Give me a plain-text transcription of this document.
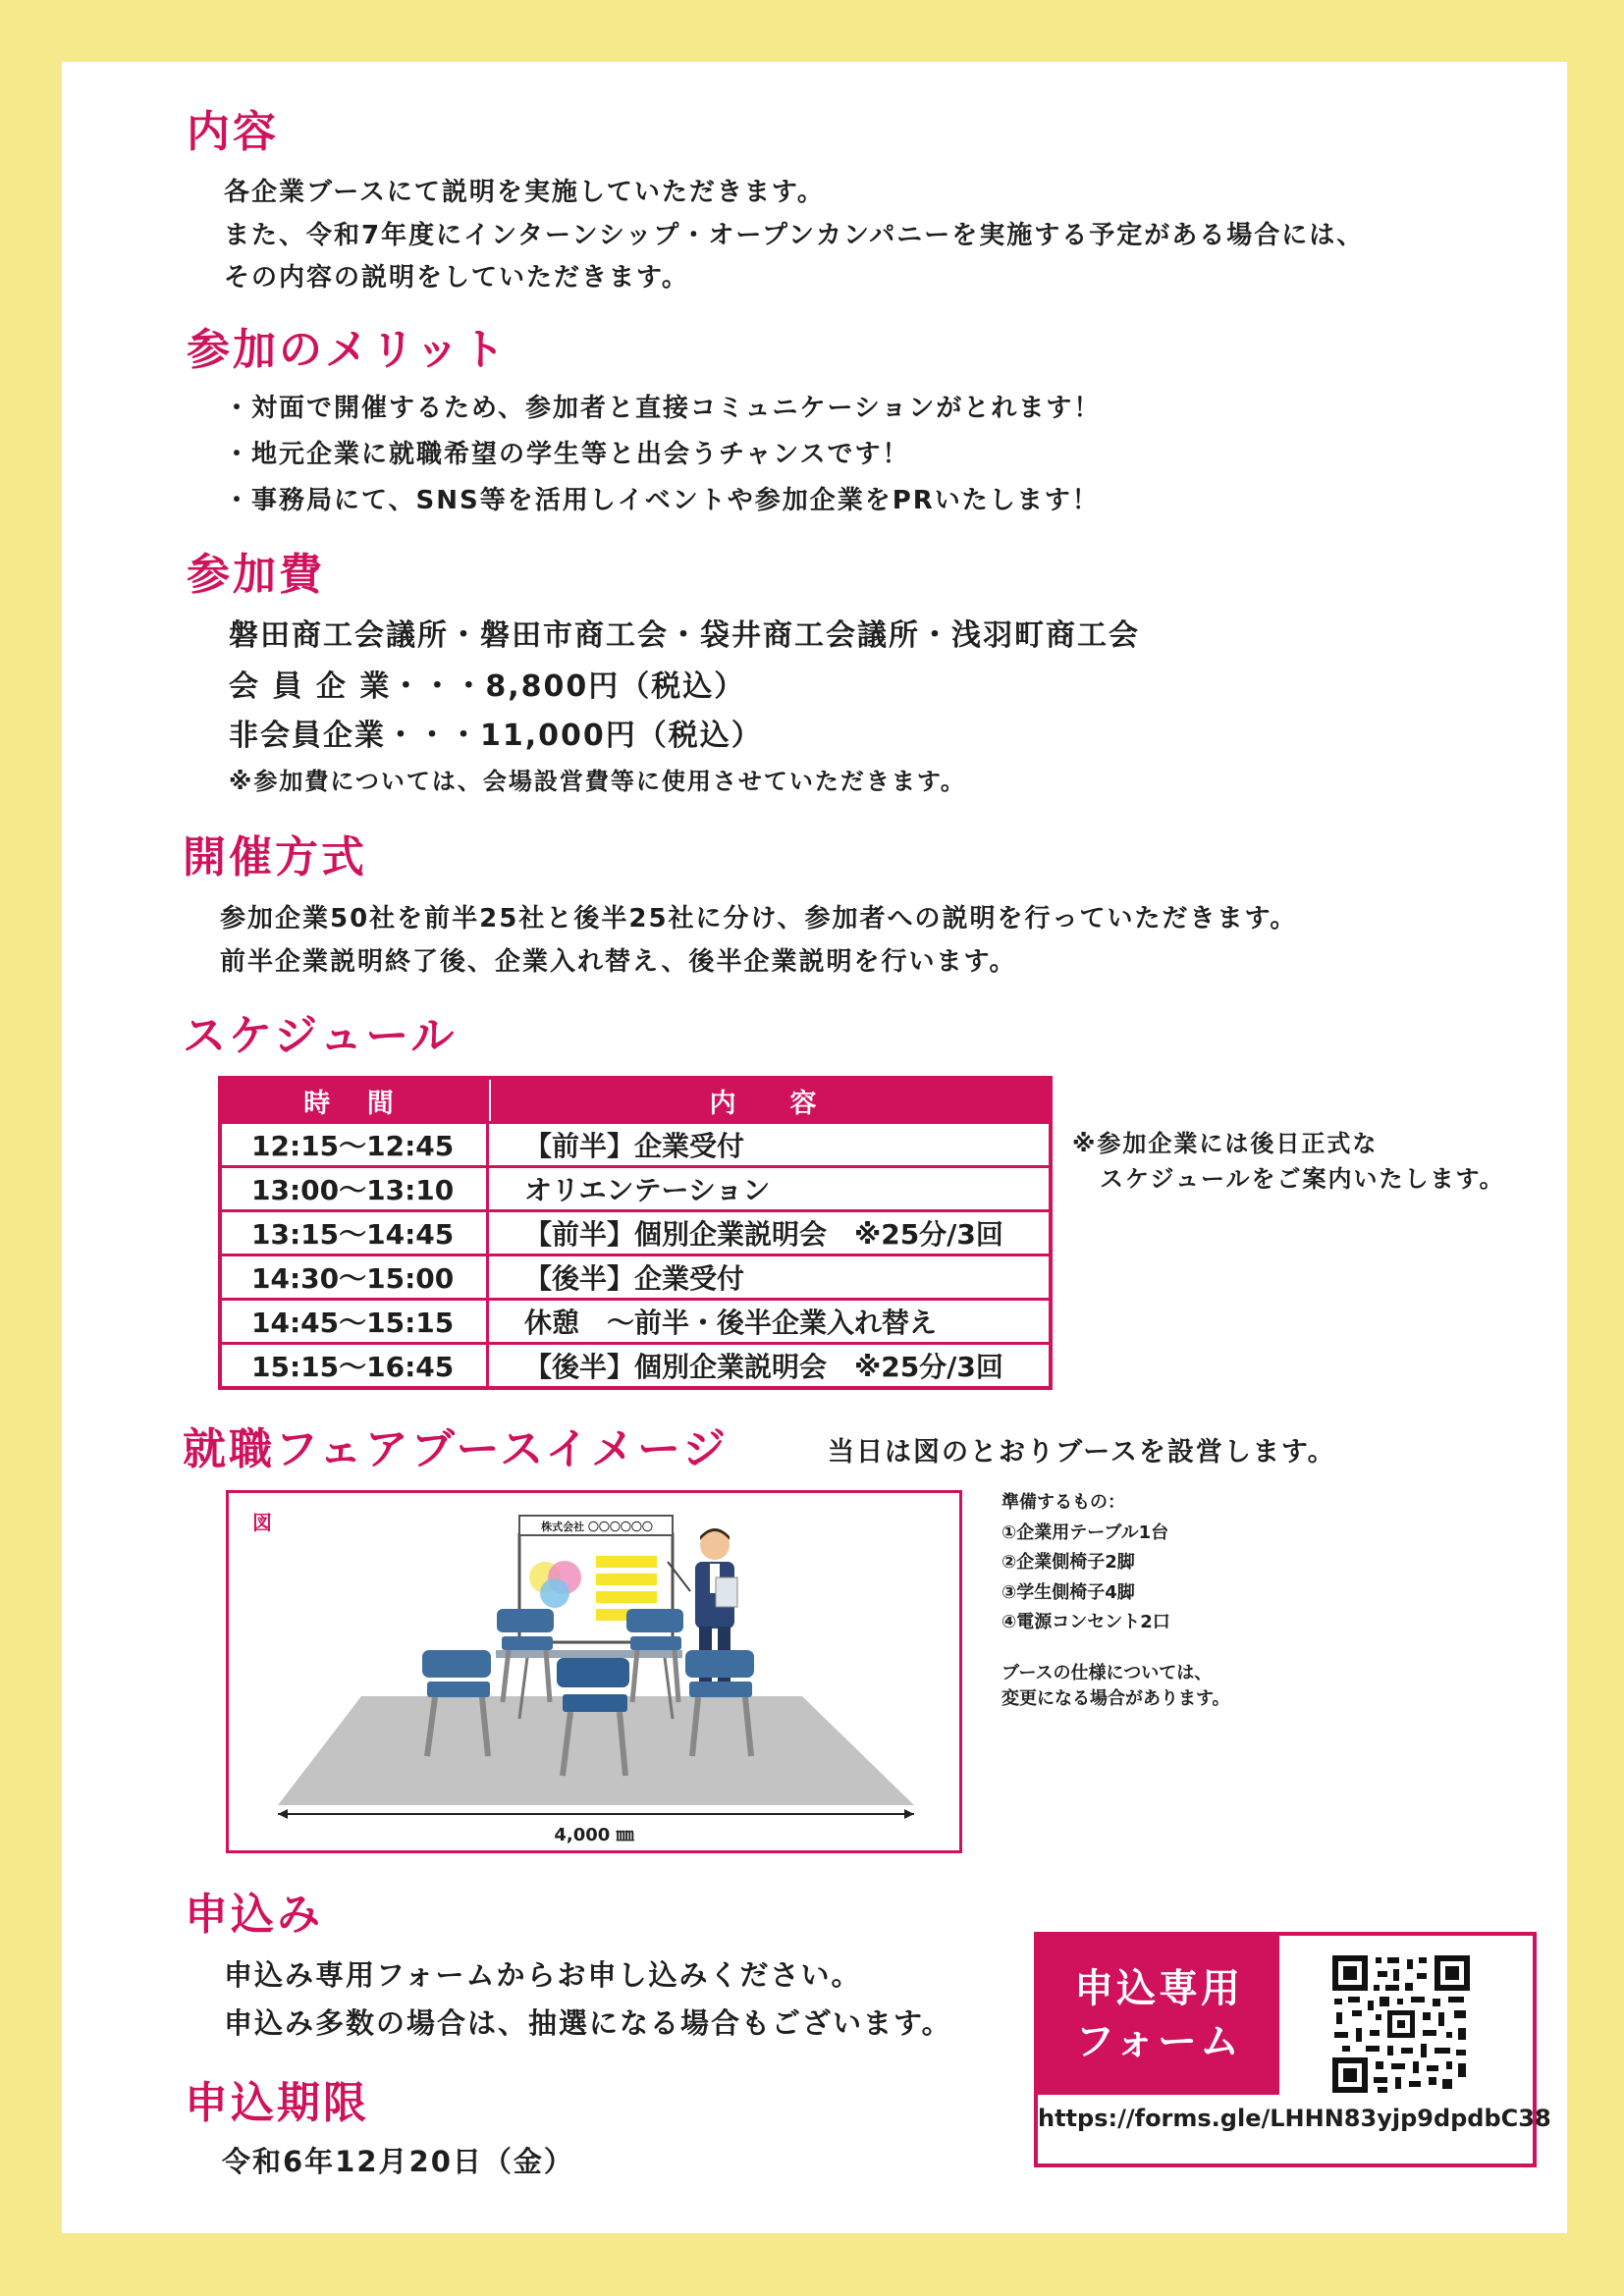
内容
各企業ブースにて説明を実施していただきます。
また、令和7年度にインターンシップ・オープンカンパニーを実施する予定がある場合には、
その内容の説明をしていただきます。
参加のメリット
・対面で開催するため、参加者と直接コミュニケーションがとれます！
・地元企業に就職希望の学生等と出会うチャンスです！
・事務局にて、SNS等を活用しイベントや参加企業をPRいたします！
参加費
磐田商工会議所・磐田市商工会・袋井商工会議所・浅羽町商工会
会 員 企 業・・・8,800円（税込）
非会員企業・・・11,000円（税込）
※参加費については、会場設営費等に使用させていただきます。
開催方式
参加企業50社を前半25社と後半25社に分け、参加者への説明を行っていただきます。
前半企業説明終了後、企業入れ替え、後半企業説明を行います。
スケジュール
時 間	内　容
12:15〜12:45	【前半】企業受付
13:00〜13:10	オリエンテーション
13:15〜14:45	【前半】個別企業説明会　※25分/3回
14:30〜15:00	【後半】企業受付
14:45〜15:15	休憩　〜前半・後半企業入れ替え
15:15〜16:45	【後半】個別企業説明会　※25分/3回
※参加企業には後日正式な
スケジュールをご案内いたします。
就職フェアブースイメージ	当日は図のとおりブースを設営します。
図	株式会社 〇〇〇〇〇〇
4,000 ㎜
準備するもの：
①企業用テーブル1台
②企業側椅子2脚
③学生側椅子4脚
④電源コンセント2口
ブースの仕様については、
変更になる場合があります。
申込み
申込み専用フォームからお申し込みください。
申込み多数の場合は、抽選になる場合もございます。
申込期限
令和6年12月20日（金）
申込専用
フォーム
https://forms.gle/LHHN83yjp9dpdbC38
